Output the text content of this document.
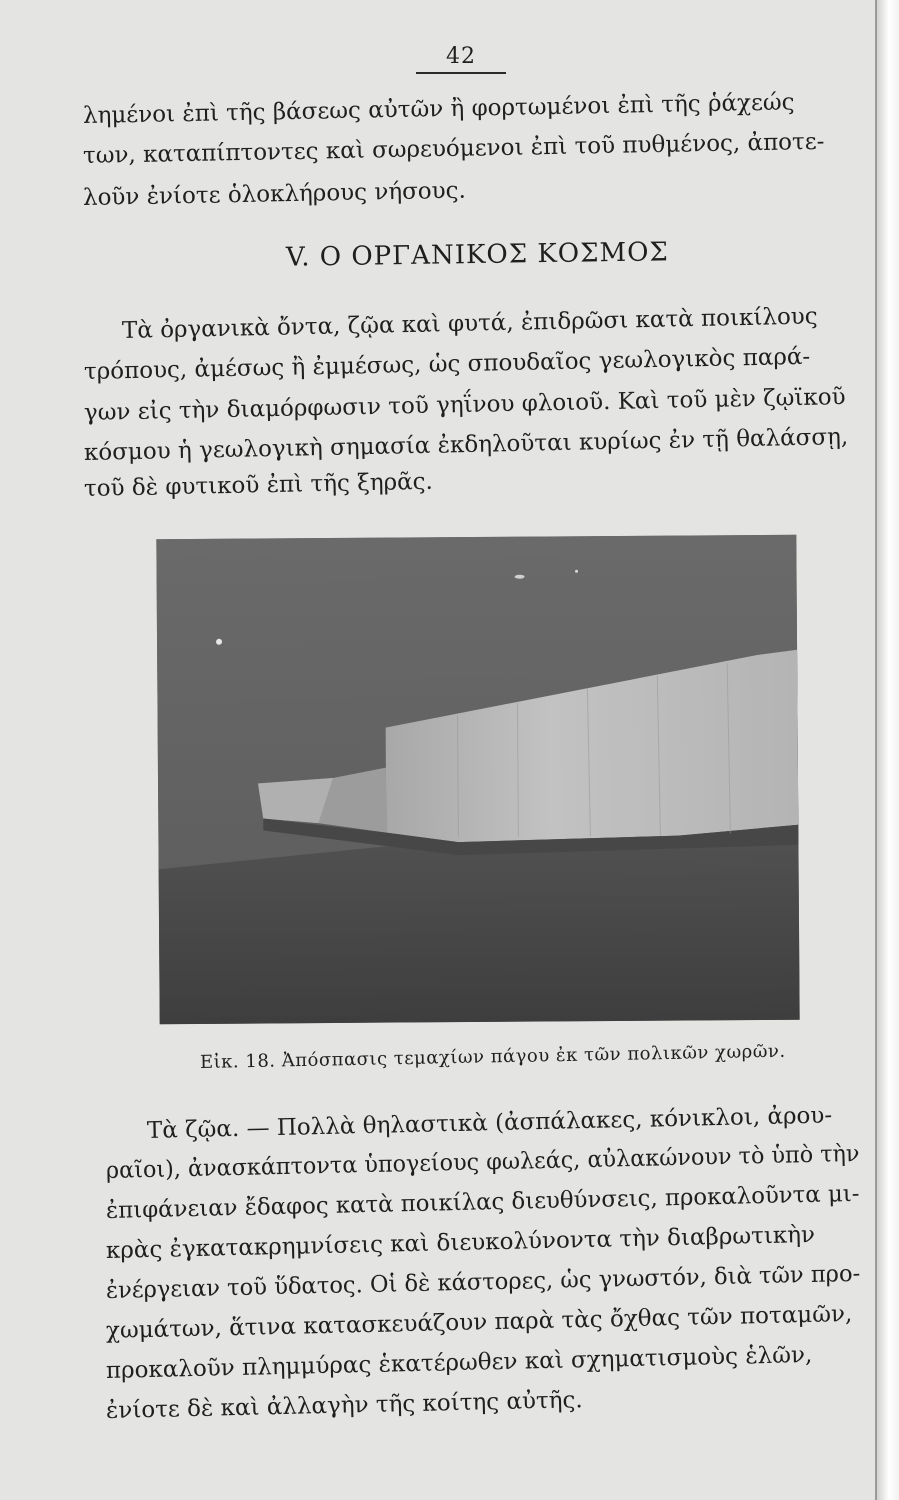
42
λημένοι ἐπὶ τῆς βάσεως αὐτῶν ἢ φορτωμένοι ἐπὶ τῆς ῥάχεώς
των, καταπίπτοντες καὶ σωρευόμενοι ἐπὶ τοῦ πυθμένος, ἀποτε-
λοῦν ἐνίοτε ὁλοκλήρους νήσους.
V. Ο ΟΡΓΑΝΙΚΟΣ ΚΟΣΜΟΣ
Τὰ ὀργανικὰ ὄντα, ζῷα καὶ φυτά, ἐπιδρῶσι κατὰ ποικίλους
τρόπους, ἀμέσως ἢ ἐμμέσως, ὡς σπουδαῖος γεωλογικὸς παρά-
γων εἰς τὴν διαμόρφωσιν τοῦ γηΐνου φλοιοῦ. Καὶ τοῦ μὲν ζῳϊκοῦ
κόσμου ἡ γεωλογικὴ σημασία ἐκδηλοῦται κυρίως ἐν τῇ θαλάσσῃ,
τοῦ δὲ φυτικοῦ ἐπὶ τῆς ξηρᾶς.
Εἰκ. 18. Ἀπόσπασις τεμαχίων πάγου ἐκ τῶν πολικῶν χωρῶν.
Τὰ ζῷα. — Πολλὰ θηλαστικὰ (ἀσπάλακες, κόνικλοι, ἀρου-
ραῖοι), ἀνασκάπτοντα ὑπογείους φωλεάς, αὐλακώνουν τὸ ὑπὸ τὴν
ἐπιφάνειαν ἔδαφος κατὰ ποικίλας διευθύνσεις, προκαλοῦντα μι-
κρὰς ἐγκατακρημνίσεις καὶ διευκολύνοντα τὴν διαβρωτικὴν
ἐνέργειαν τοῦ ὕδατος. Οἱ δὲ κάστορες, ὡς γνωστόν, διὰ τῶν προ-
χωμάτων, ἅτινα κατασκευάζουν παρὰ τὰς ὄχθας τῶν ποταμῶν,
προκαλοῦν πλημμύρας ἑκατέρωθεν καὶ σχηματισμοὺς ἑλῶν,
ἐνίοτε δὲ καὶ ἀλλαγὴν τῆς κοίτης αὐτῆς.
